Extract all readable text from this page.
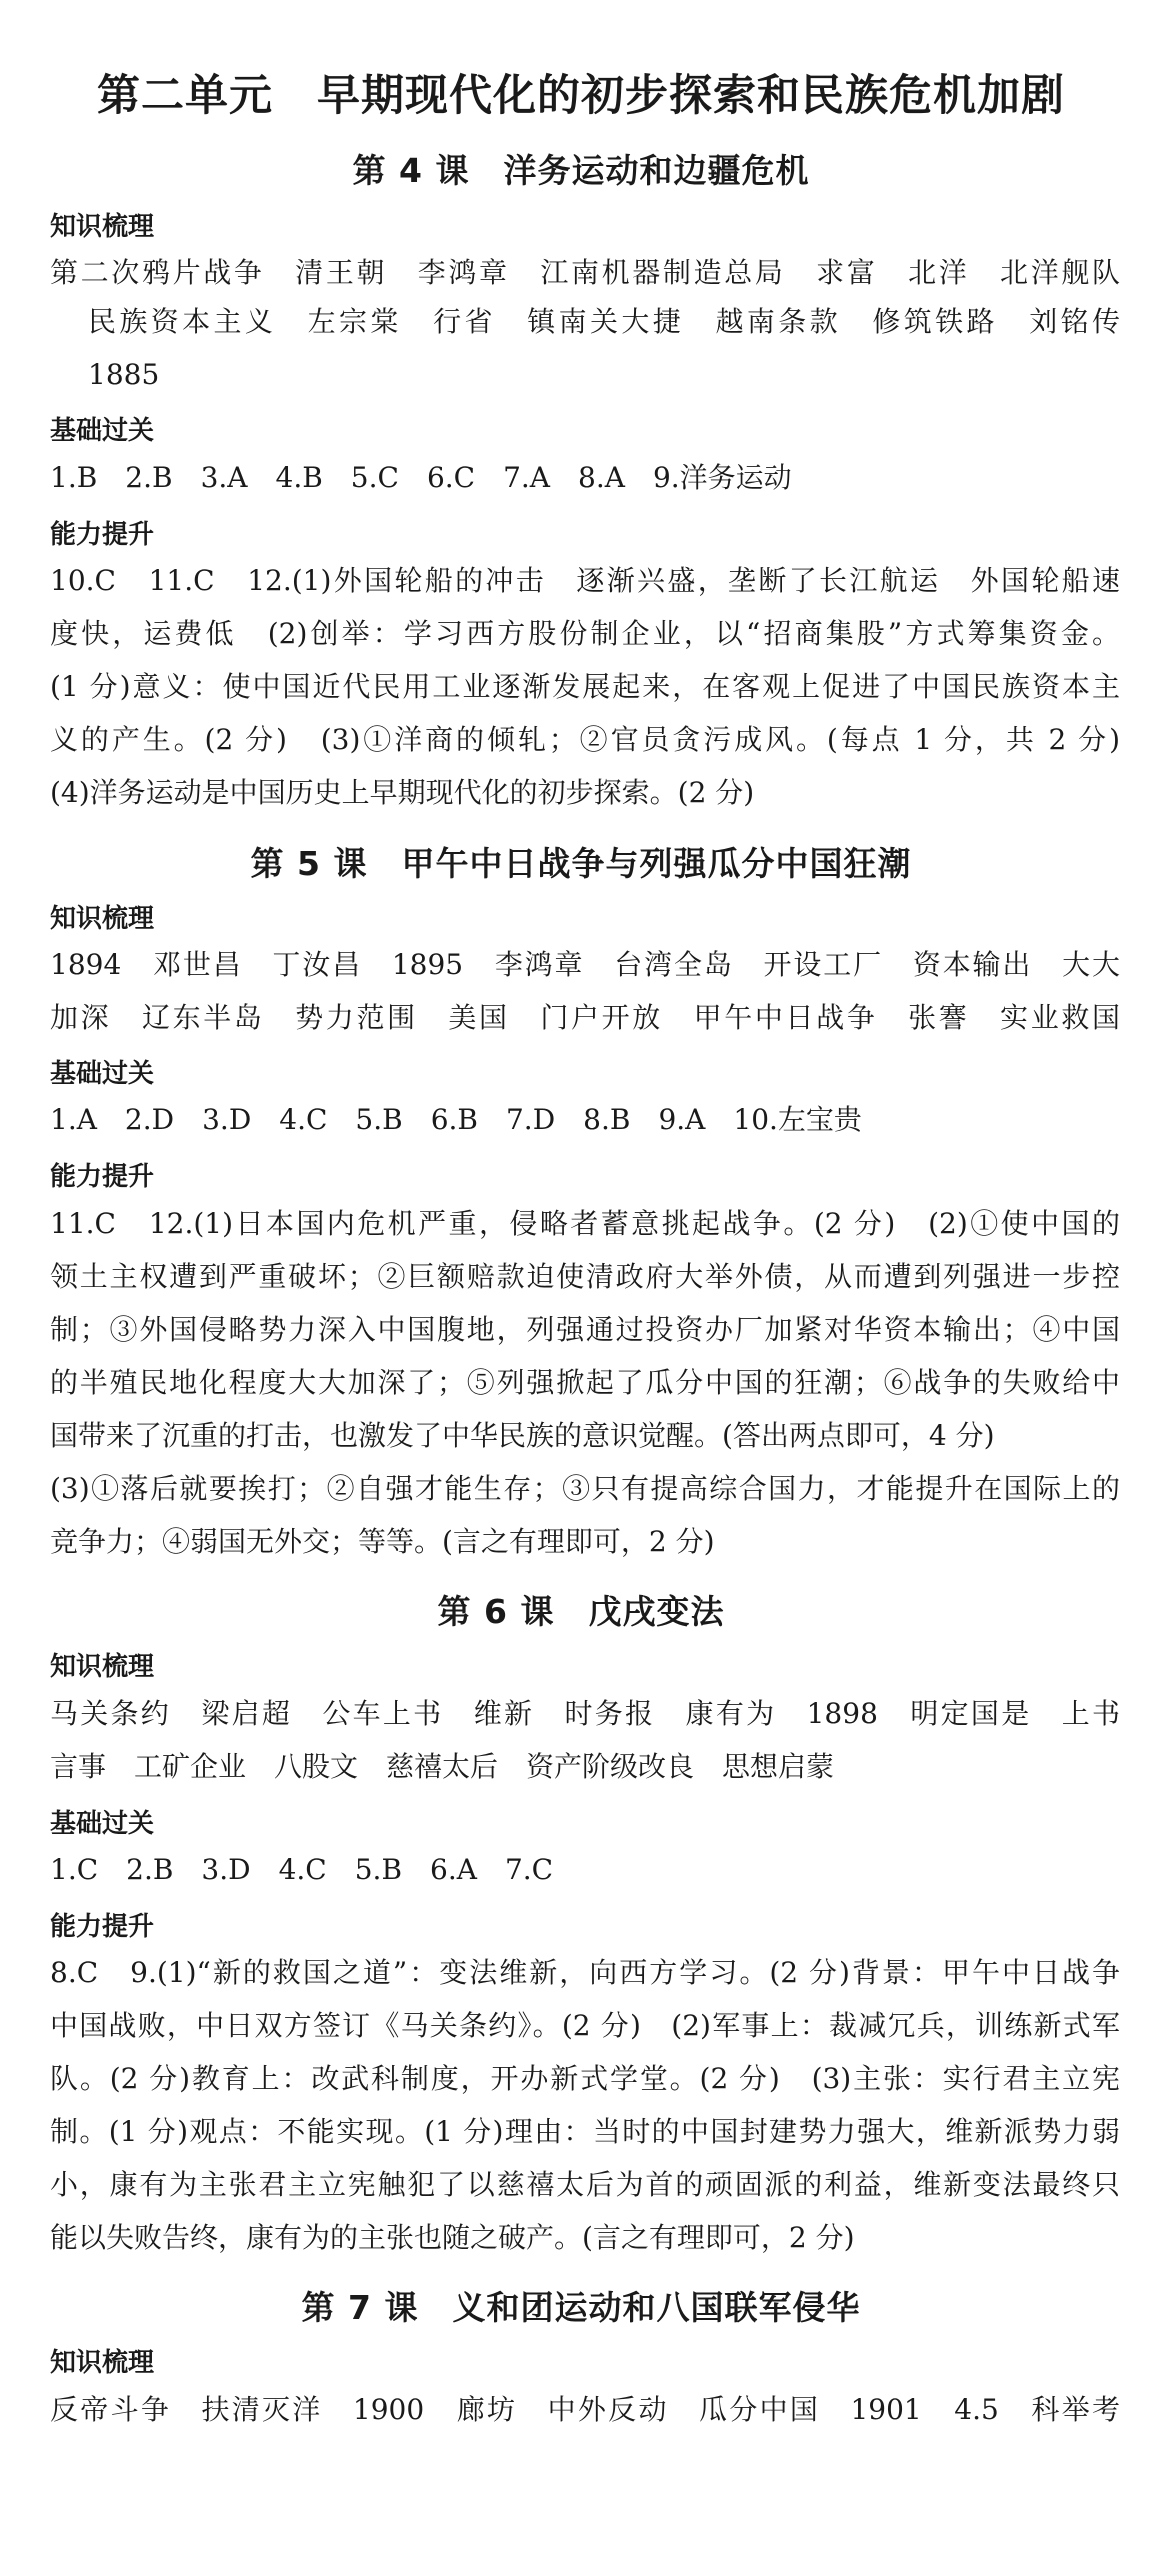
第二单元　早期现代化的初步探索和民族危机加剧
第 4 课　洋务运动和边疆危机
知识梳理
第二次鸦片战争　清王朝　李鸿章　江南机器制造总局　求富　北洋　北洋舰队
民族资本主义　左宗棠　行省　镇南关大捷　越南条款　修筑铁路　刘铭传
1885
基础过关
1.B　2.B　3.A　4.B　5.C　6.C　7.A　8.A　9.洋务运动
能力提升
10.C　11.C　12.(1)外国轮船的冲击　逐渐兴盛，垄断了长江航运　外国轮船速
度快，运费低　(2)创举：学习西方股份制企业，以“招商集股”方式筹集资金。
(1 分)意义：使中国近代民用工业逐渐发展起来，在客观上促进了中国民族资本主
义的产生。(2 分)　(3)①洋商的倾轧；②官员贪污成风。(每点 1 分，共 2 分)
(4)洋务运动是中国历史上早期现代化的初步探索。(2 分)
第 5 课　甲午中日战争与列强瓜分中国狂潮
知识梳理
1894　邓世昌　丁汝昌　1895　李鸿章　台湾全岛　开设工厂　资本输出　大大
加深　辽东半岛　势力范围　美国　门户开放　甲午中日战争　张謇　实业救国
基础过关
1.A　2.D　3.D　4.C　5.B　6.B　7.D　8.B　9.A　10.左宝贵
能力提升
11.C　12.(1)日本国内危机严重，侵略者蓄意挑起战争。(2 分)　(2)①使中国的
领土主权遭到严重破坏；②巨额赔款迫使清政府大举外债，从而遭到列强进一步控
制；③外国侵略势力深入中国腹地，列强通过投资办厂加紧对华资本输出；④中国
的半殖民地化程度大大加深了；⑤列强掀起了瓜分中国的狂潮；⑥战争的失败给中
国带来了沉重的打击，也激发了中华民族的意识觉醒。(答出两点即可，4 分)
(3)①落后就要挨打；②自强才能生存；③只有提高综合国力，才能提升在国际上的
竞争力；④弱国无外交；等等。(言之有理即可，2 分)
第 6 课　戊戌变法
知识梳理
马关条约　梁启超　公车上书　维新　时务报　康有为　1898　明定国是　上书
言事　工矿企业　八股文　慈禧太后　资产阶级改良　思想启蒙
基础过关
1.C　2.B　3.D　4.C　5.B　6.A　7.C
能力提升
8.C　9.(1)“新的救国之道”：变法维新，向西方学习。(2 分)背景：甲午中日战争
中国战败，中日双方签订《马关条约》。(2 分)　(2)军事上：裁减冗兵，训练新式军
队。(2 分)教育上：改武科制度，开办新式学堂。(2 分)　(3)主张：实行君主立宪
制。(1 分)观点：不能实现。(1 分)理由：当时的中国封建势力强大，维新派势力弱
小，康有为主张君主立宪触犯了以慈禧太后为首的顽固派的利益，维新变法最终只
能以失败告终，康有为的主张也随之破产。(言之有理即可，2 分)
第 7 课　义和团运动和八国联军侵华
知识梳理
反帝斗争　扶清灭洋　1900　廊坊　中外反动　瓜分中国　1901　4.5　科举考
